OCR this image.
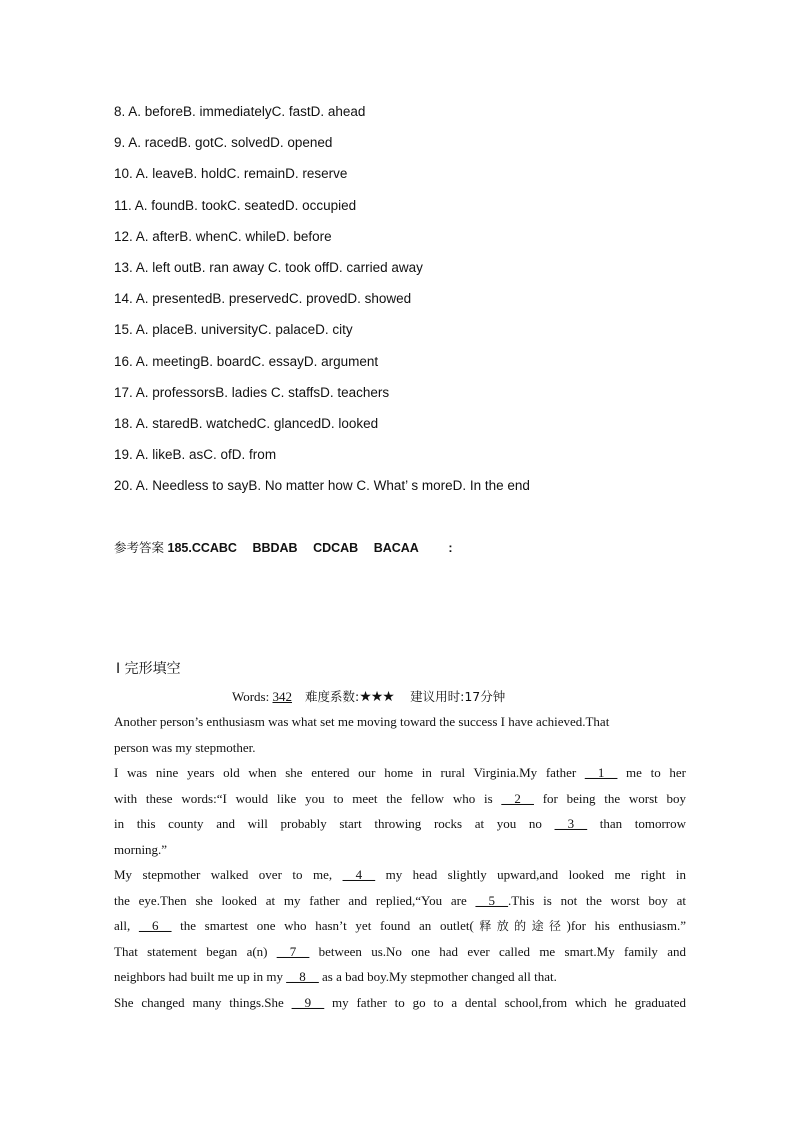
8. A. beforeB. immediatelyC. fastD. ahead
9. A. racedB. gotC. solvedD. opened
10. A. leaveB. holdC. remainD. reserve
11. A. foundB. tookC. seatedD. occupied
12. A. afterB. whenC. whileD. before
13. A. left outB. ran away C. took offD. carried away
14. A. presentedB. preservedC. provedD. showed
15. A. placeB. universityC. palaceD. city
16. A. meetingB. boardC. essayD. argument
17. A. professorsB. ladies C. staffsD. teachers
18. A. staredB. watchedC. glancedD. looked
19. A. likeB. asC. ofD. from
20. A. Needless to sayB. No matter how C. What’ s moreD. In the end
参考答案 185.CCABC BBDAB CDCAB BACAA :
Ⅰ 完形填空
Words: 342 难度系数:★★★ 建议用时:17分钟
Another person’s enthusiasm was what set me moving toward the success I have achieved.That
person was my stepmother.
I was nine years old when she entered our home in rural Virginia.My father __1__ me to her
with these words:“I would like you to meet the fellow who is __2__ for being the worst boy
in this county and will probably start throwing rocks at you no __3__ than tomorrow
morning.”
My stepmother walked over to me, __4__ my head slightly upward,and looked me right in
the eye.Then she looked at my father and replied,“You are __5__.This is not the worst boy at
all, __6__ the smartest one who hasn’t yet found an outlet(释放的途径)for his enthusiasm.”
That statement began a(n) __7__ between us.No one had ever called me smart.My family and
neighbors had built me up in my __8__ as a bad boy.My stepmother changed all that.
She changed many things.She __9__ my father to go to a dental school,from which he graduated
